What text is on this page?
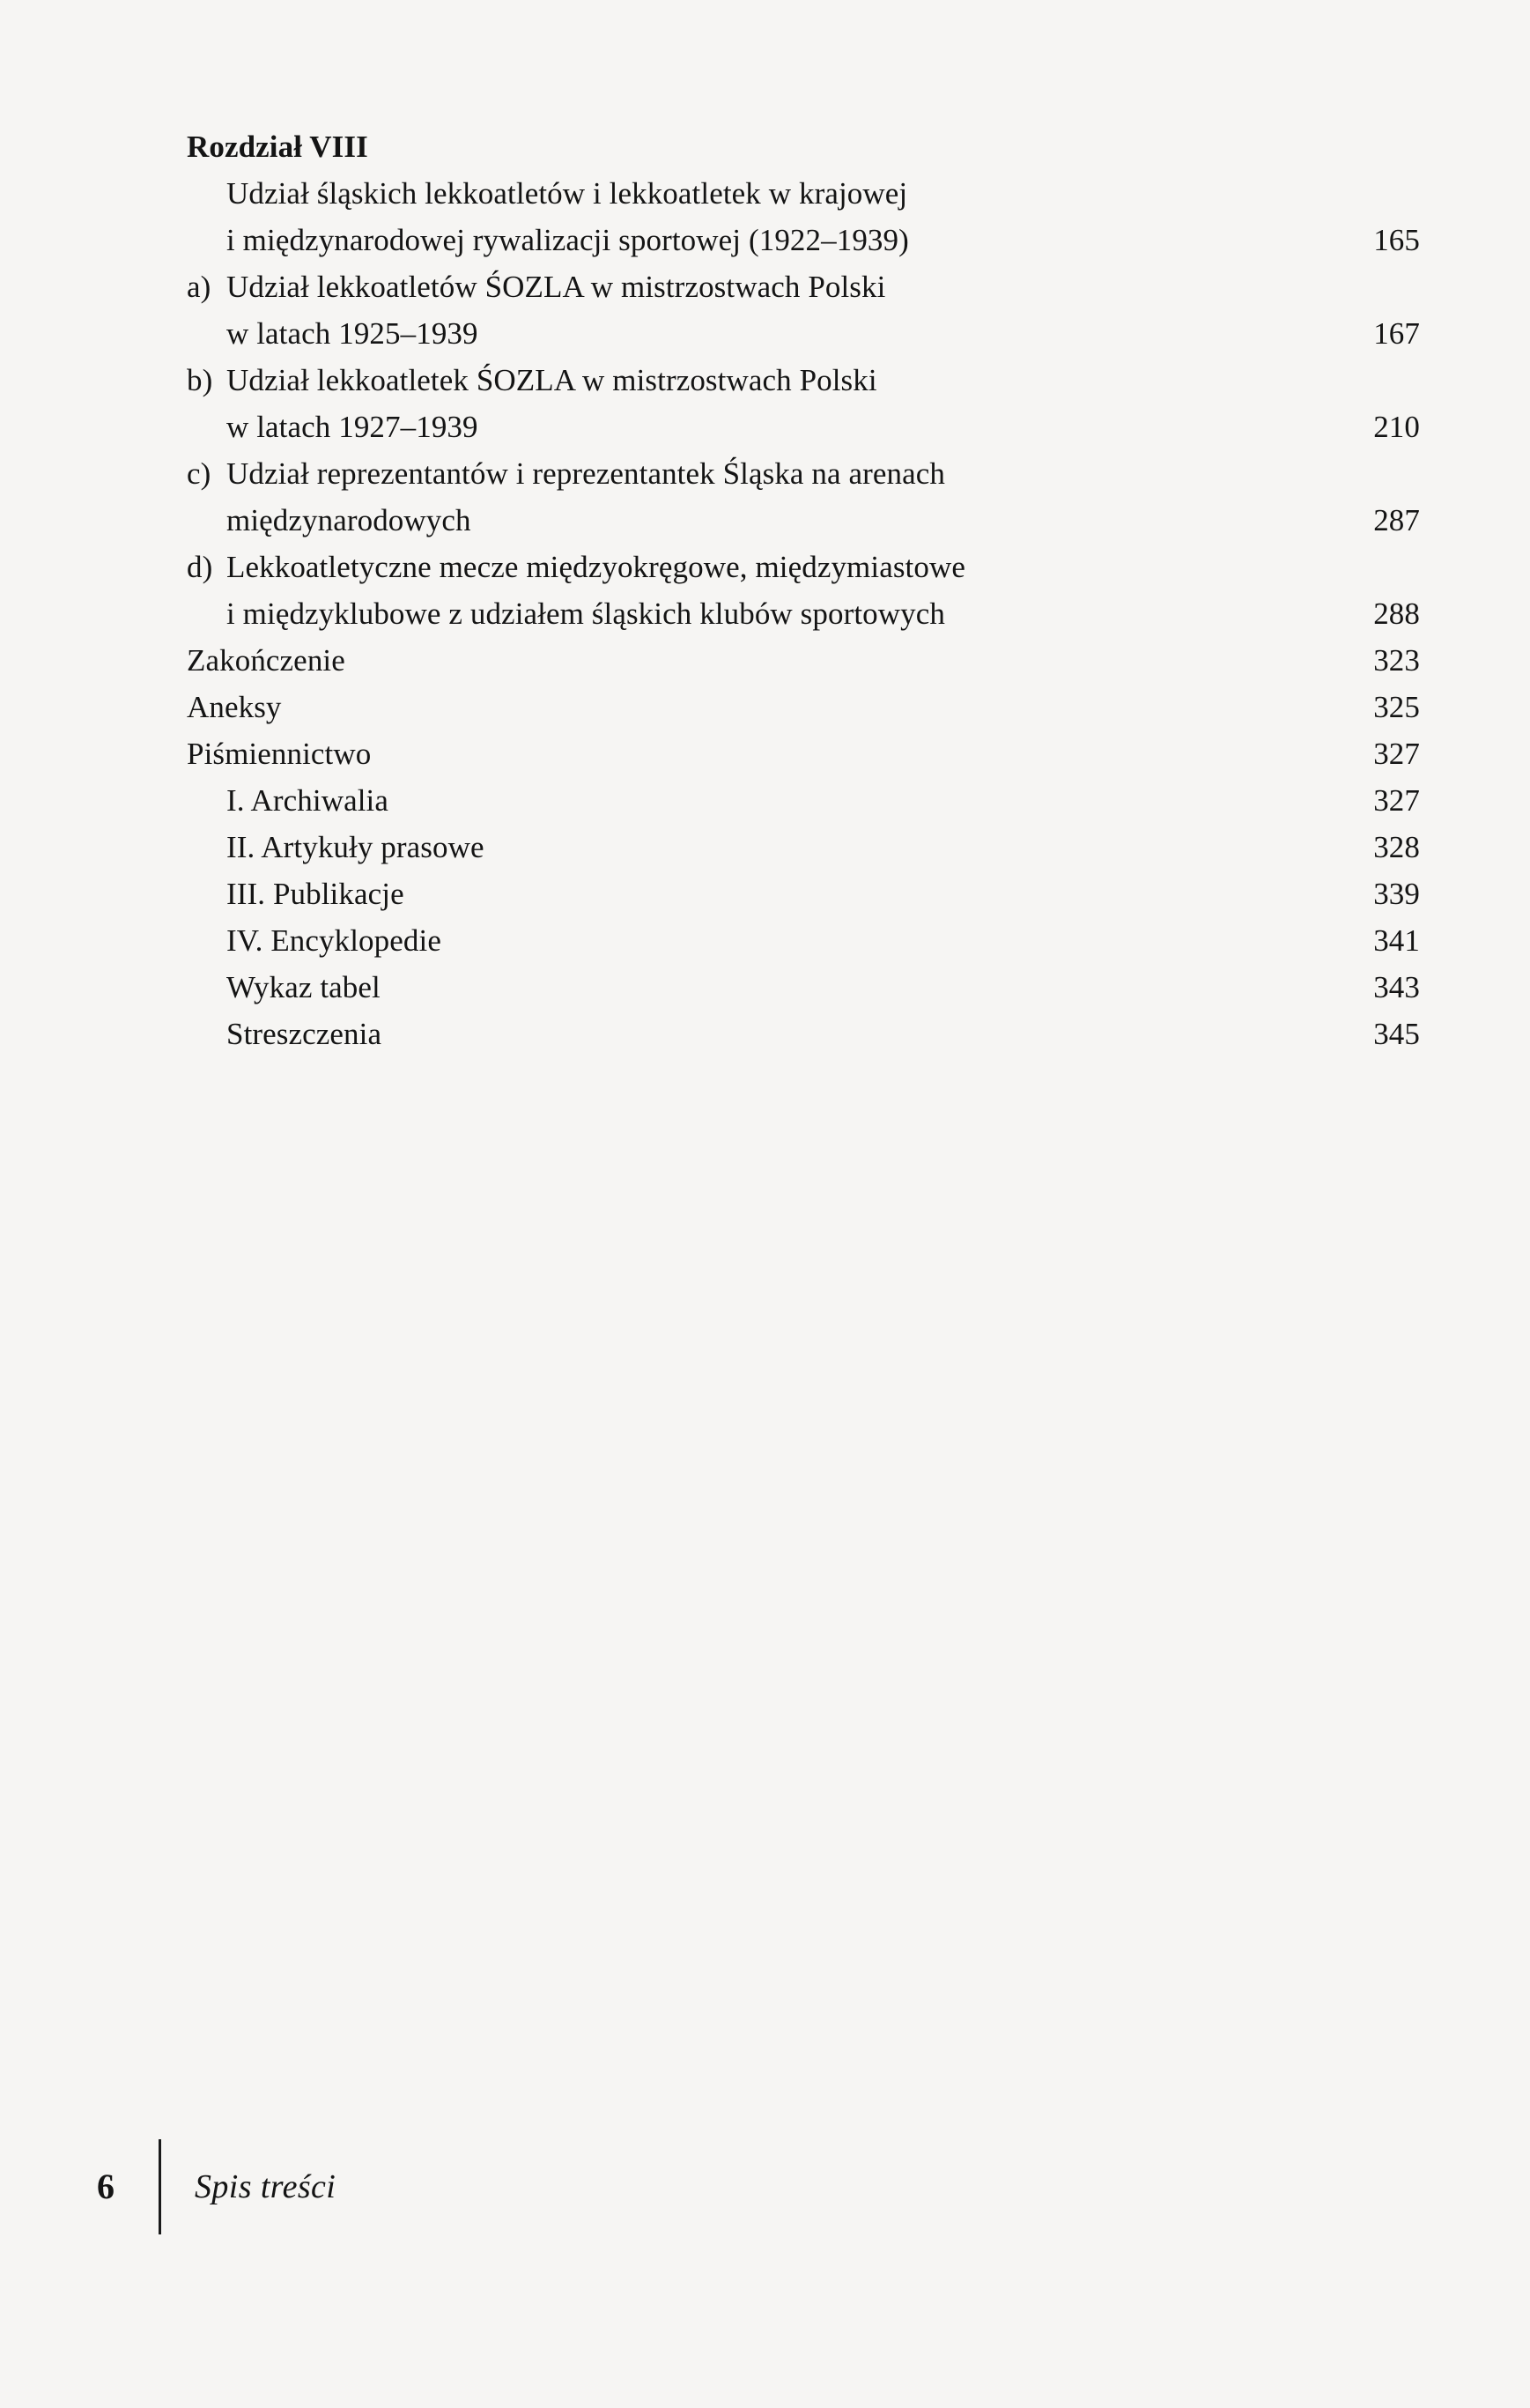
Rozdział VIII
Udział śląskich lekkoatletów i lekkoatletek w krajowej
i międzynarodowej rywalizacji sportowej (1922–1939)	165
a) Udział lekkoatletów ŚOZLA w mistrzostwach Polski
w latach 1925–1939	167
b) Udział lekkoatletek ŚOZLA w mistrzostwach Polski
w latach 1927–1939	210
c) Udział reprezentantów i reprezentantek Śląska na arenach
międzynarodowych	287
d) Lekkoatletyczne mecze międzyokręgowe, międzymiastowe
i międzyklubowe z udziałem śląskich klubów sportowych	288
Zakończenie	323
Aneksy	325
Piśmiennictwo	327
I. Archiwalia	327
II. Artykuły prasowe	328
III. Publikacje	339
IV. Encyklopedie	341
Wykaz tabel	343
Streszczenia	345
6	Spis treści
